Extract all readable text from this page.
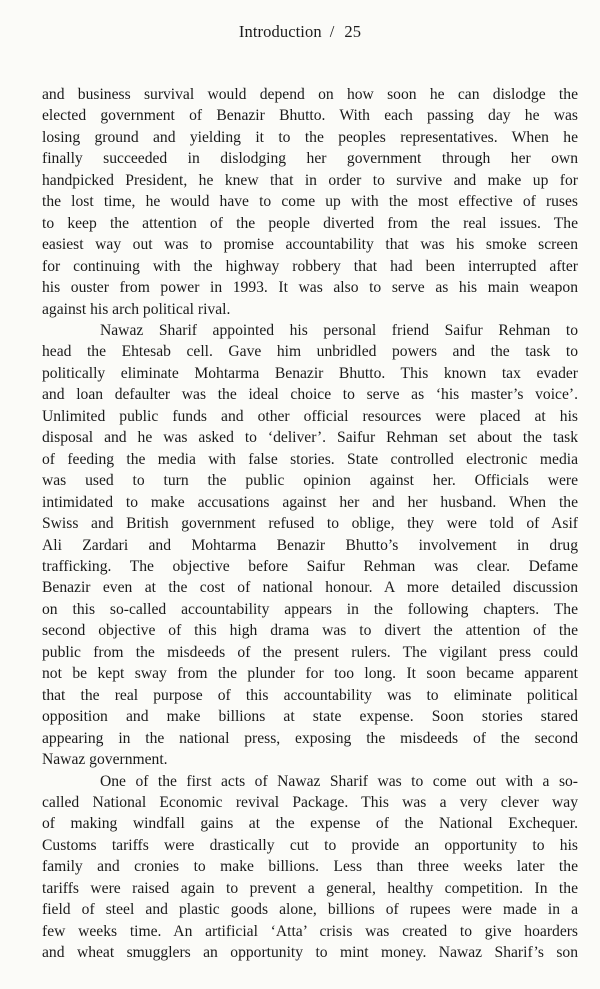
Introduction / 25
and business survival would depend on how soon he can dislodge the
elected government of Benazir Bhutto. With each passing day he was
losing ground and yielding it to the peoples representatives. When he
finally succeeded in dislodging her government through her own
handpicked President, he knew that in order to survive and make up for
the lost time, he would have to come up with the most effective of ruses
to keep the attention of the people diverted from the real issues. The
easiest way out was to promise accountability that was his smoke screen
for continuing with the highway robbery that had been interrupted after
his ouster from power in 1993. It was also to serve as his main weapon
against his arch political rival.
Nawaz Sharif appointed his personal friend Saifur Rehman to
head the Ehtesab cell. Gave him unbridled powers and the task to
politically eliminate Mohtarma Benazir Bhutto. This known tax evader
and loan defaulter was the ideal choice to serve as ‘his master’s voice’.
Unlimited public funds and other official resources were placed at his
disposal and he was asked to ‘deliver’. Saifur Rehman set about the task
of feeding the media with false stories. State controlled electronic media
was used to turn the public opinion against her. Officials were
intimidated to make accusations against her and her husband. When the
Swiss and British government refused to oblige, they were told of Asif
Ali Zardari and Mohtarma Benazir Bhutto’s involvement in drug
trafficking. The objective before Saifur Rehman was clear. Defame
Benazir even at the cost of national honour. A more detailed discussion
on this so-called accountability appears in the following chapters. The
second objective of this high drama was to divert the attention of the
public from the misdeeds of the present rulers. The vigilant press could
not be kept sway from the plunder for too long. It soon became apparent
that the real purpose of this accountability was to eliminate political
opposition and make billions at state expense. Soon stories stared
appearing in the national press, exposing the misdeeds of the second
Nawaz government.
One of the first acts of Nawaz Sharif was to come out with a so-
called National Economic revival Package. This was a very clever way
of making windfall gains at the expense of the National Exchequer.
Customs tariffs were drastically cut to provide an opportunity to his
family and cronies to make billions. Less than three weeks later the
tariffs were raised again to prevent a general, healthy competition. In the
field of steel and plastic goods alone, billions of rupees were made in a
few weeks time. An artificial ‘Atta’ crisis was created to give hoarders
and wheat smugglers an opportunity to mint money. Nawaz Sharif’s son
